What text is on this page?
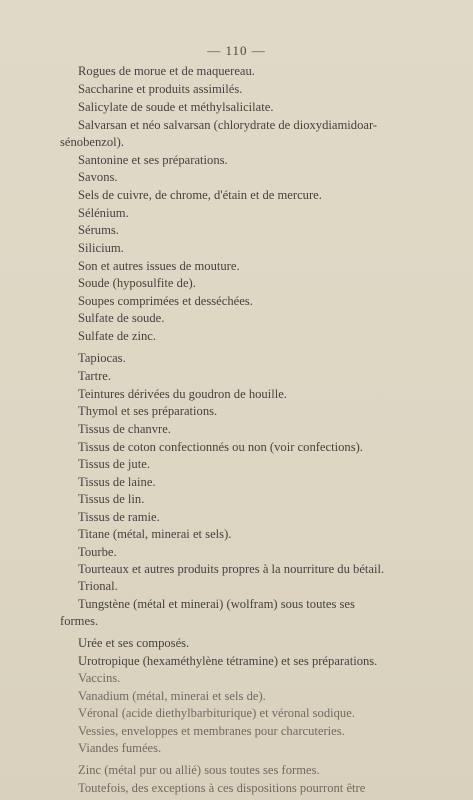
— 110 —
Rogues de morue et de maquereau.
Saccharine et produits assimilés.
Salicylate de soude et méthylsalicilate.
Salvarsan et néo salvarsan (chlorydrate de dioxydiamidoar-
sénobenzol).
Santonine et ses préparations.
Savons.
Sels de cuivre, de chrome, d'étain et de mercure.
Sélénium.
Sérums.
Silicium.
Son et autres issues de mouture.
Soude (hyposulfite de).
Soupes comprimées et desséchées.
Sulfate de soude.
Sulfate de zinc.
Tapiocas.
Tartre.
Teintures dérivées du goudron de houille.
Thymol et ses préparations.
Tissus de chanvre.
Tissus de coton confectionnés ou non (voir confections).
Tissus de jute.
Tissus de laine.
Tissus de lin.
Tissus de ramie.
Titane (métal, minerai et sels).
Tourbe.
Tourteaux et autres produits propres à la nourriture du bétail.
Trional.
Tungstène (métal et minerai) (wolfram) sous toutes ses
formes.
Urée et ses composés.
Urotropique (hexaméthylène tétramine) et ses préparations.
Vaccins.
Vanadium (métal, minerai et sels de).
Véronal (acide diethylbarbiturique) et véronal sodique.
Vessies, enveloppes et membranes pour charcuteries.
Viandes fumées.
Zinc (métal pur ou allié) sous toutes ses formes.
Toutefois, des exceptions à ces dispositions pourront être
